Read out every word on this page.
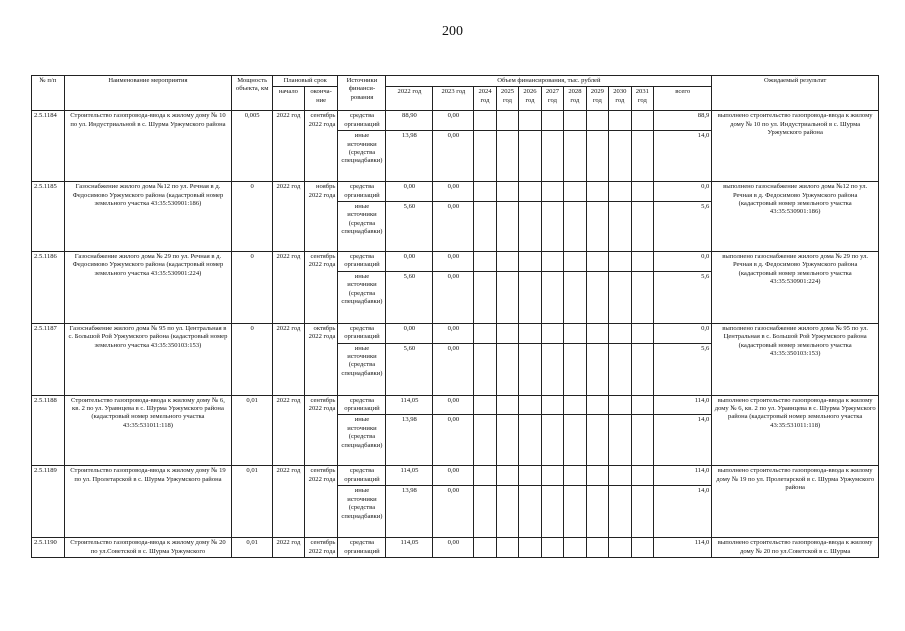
200
№ п/п	Наименование мероприятия	Мощность объекта, км	Плановый срок		Источники финанси-рования	Объем финансирования, тыс. рублей											Ожидаемый результат
			начало	оконча-ние		2022 год	2023 год	2024 год	2025 год	2026 год	2027 год	2028 год	2029 год	2030 год	2031 год	всего	
2.5.1184	Строительство газопровода-ввода к жилому дому № 10 по ул. Индустриальной в с. Шурма Уржумского района	0,005	2022 год	сентябрь 2022 года	средства организаций	88,90	0,00									88,9	выполнено строительство газопровода-ввода к жилому дому № 10 по ул. Индустриальной в с. Шурма Уржумского района
					иные источники (средства спецнадбавки)	13,98	0,00									14,0	
2.5.1185	Газоснабжение жилого дома №12 по ул. Речная в д. Федосимово Уржумского района (кадастровый номер земельного участка 43:35:530901:186)	0	2022 год	ноябрь 2022 года	средства организаций	0,00	0,00									0,0	выполнено газоснабжение жилого дома №12 по ул. Речная в д. Федосимово Уржумского района (кадастровый номер земельного участка 43:35:530901:186)
					иные источники (средства спецнадбавки)	5,60	0,00									5,6	
2.5.1186	Газоснабжение жилого дома № 29 по ул. Речная в д. Федосимово Уржумского района (кадастровый номер земельного участка 43:35:530901:224)	0	2022 год	сентябрь 2022 года	средства организаций	0,00	0,00									0,0	выполнено газоснабжение жилого дома № 29 по ул. Речная в д. Федосимово Уржумского района (кадастровый номер земельного участка 43:35:530901:224)
					иные источники (средства спецнадбавки)	5,60	0,00									5,6	
2.5.1187	Газоснабжение жилого дома № 95 по ул. Центральная в с. Большой Рой Уржумского района (кадастровый номер земельного участка 43:35:350103:153)	0	2022 год	октябрь 2022 года	средства организаций	0,00	0,00									0,0	выполнено газоснабжение жилого дома № 95 по ул. Центральная в с. Большой Рой Уржумского района (кадастровый номер земельного участка 43:35:350103:153)
					иные источники (средства спецнадбавки)	5,60	0,00									5,6	
2.5.1188	Строительство газопровода-ввода к жилому дому № 6, кв. 2 по ул. Уравнцева в с. Шурма Уржумского района (кадастровый номер земельного участка 43:35:531011:118)	0,01	2022 год	сентябрь 2022 года	средства организаций	114,05	0,00									114,0	выполнено строительство газопровода-ввода к жилому дому № 6, кв. 2 по ул. Уравнцева в с. Шурма Уржумского района (кадастровый номер земельного участка 43:35:531011:118)
					иные источники (средства спецнадбавки)	13,98	0,00									14,0	
2.5.1189	Строительство газопровода-ввода к жилому дому № 19 по ул. Пролетарской в с. Шурма Уржумского района	0,01	2022 год	сентябрь 2022 года	средства организаций	114,05	0,00									114,0	выполнено строительство газопровода-ввода к жилому дому № 19 по ул. Пролетарской в с. Шурма Уржумского района
					иные источники (средства спецнадбавки)	13,98	0,00									14,0	
2.5.1190	Строительство газопровода-ввода к жилому дому № 20 по ул.Советской в с. Шурма Уржумского	0,01	2022 год	сентябрь 2022 года	средства организаций	114,05	0,00									114,0	выполнено строительство газопровода-ввода к жилому дому № 20 по ул.Советской в с. Шурма
